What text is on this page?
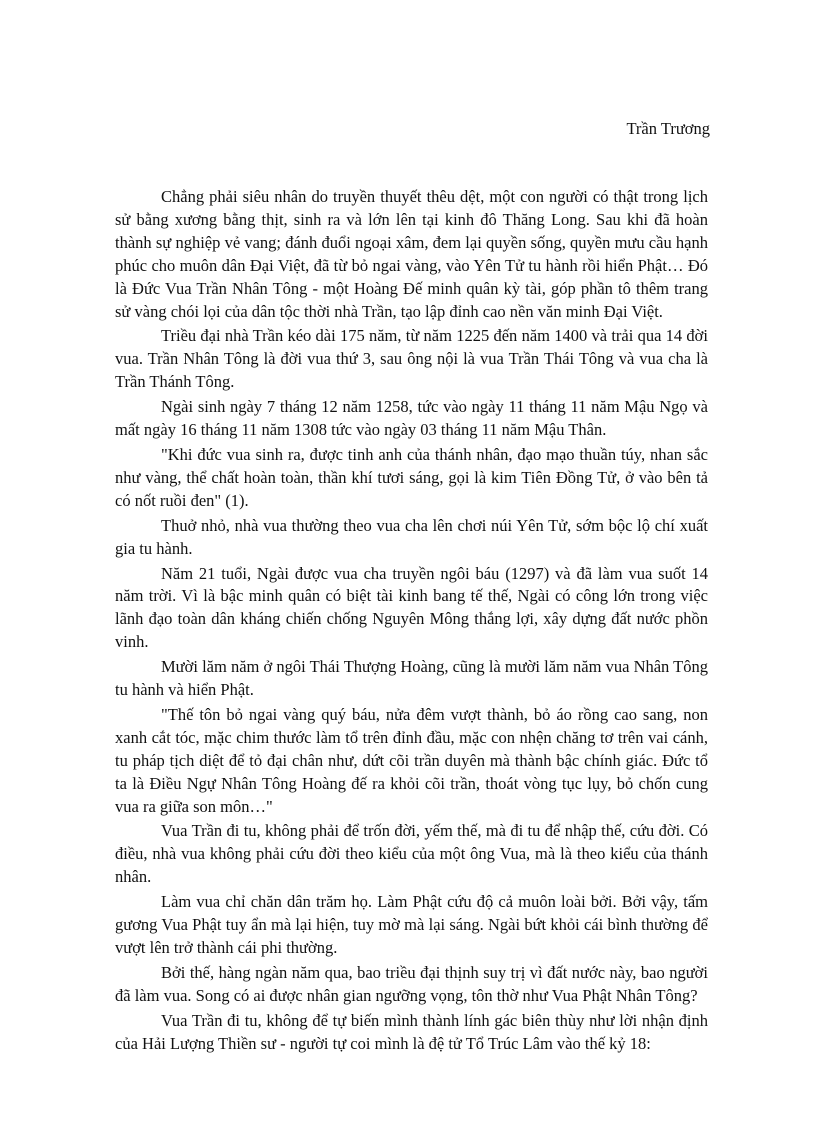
Trần Trương

Chẳng phải siêu nhân do truyền thuyết thêu dệt, một con người có thật trong lịch sử bằng xương bằng thịt, sinh ra và lớn lên tại kinh đô Thăng Long. Sau khi đã hoàn thành sự nghiệp vẻ vang; đánh đuổi ngoại xâm, đem lại quyền sống, quyền mưu cầu hạnh phúc cho muôn dân Đại Việt, đã từ bỏ ngai vàng, vào Yên Tử tu hành rồi hiển Phật… Đó là Đức Vua Trần Nhân Tông - một Hoàng Đế minh quân kỳ tài, góp phần tô thêm trang sử vàng chói lọi của dân tộc thời nhà Trần, tạo lập đỉnh cao nền văn minh Đại Việt.

Triều đại nhà Trần kéo dài 175 năm, từ năm 1225 đến năm 1400 và trải qua 14 đời vua. Trần Nhân Tông là đời vua thứ 3, sau ông nội là vua Trần Thái Tông và vua cha là Trần Thánh Tông.

Ngài sinh ngày 7 tháng 12 năm 1258, tức vào ngày 11 tháng 11 năm Mậu Ngọ và mất ngày 16 tháng 11 năm 1308 tức vào ngày 03 tháng 11 năm Mậu Thân.

"Khi đức vua sinh ra, được tinh anh của thánh nhân, đạo mạo thuần túy, nhan sắc như vàng, thể chất hoàn toàn, thần khí tươi sáng, gọi là kim Tiên Đồng Tử, ở vào bên tả có nốt ruồi đen" (1).

Thuở nhỏ, nhà vua thường theo vua cha lên chơi núi Yên Tử, sớm bộc lộ chí xuất gia tu hành.

Năm 21 tuổi, Ngài được vua cha truyền ngôi báu (1297) và đã làm vua suốt 14 năm trời. Vì là bậc minh quân có biệt tài kinh bang tế thế, Ngài có công lớn trong việc lãnh đạo toàn dân kháng chiến chống Nguyên Mông thắng lợi, xây dựng đất nước phồn vinh.

Mười lăm năm ở ngôi Thái Thượng Hoàng, cũng là mười lăm năm vua Nhân Tông tu hành và hiển Phật.

"Thế tôn bỏ ngai vàng quý báu, nửa đêm vượt thành, bỏ áo rồng cao sang, non xanh cắt tóc, mặc chim thước làm tổ trên đỉnh đầu, mặc con nhện chăng tơ trên vai cánh, tu pháp tịch diệt để tỏ đại chân như, dứt cõi trần duyên mà thành bậc chính giác. Đức tổ ta là Điều Ngự Nhân Tông Hoàng đế ra khỏi cõi trần, thoát vòng tục lụy, bỏ chốn cung vua ra giữa son môn…"

Vua Trần đi tu, không phải để trốn đời, yếm thế, mà đi tu để nhập thế, cứu đời. Có điều, nhà vua không phải cứu đời theo kiểu của một ông Vua, mà là theo kiểu của thánh nhân.

Làm vua chỉ chăn dân trăm họ. Làm Phật cứu độ cả muôn loài bởi. Bởi vậy, tấm gương Vua Phật tuy ẩn mà lại hiện, tuy mờ mà lại sáng. Ngài bứt khỏi cái bình thường để vượt lên trở thành cái phi thường.

Bởi thế, hàng ngàn năm qua, bao triều đại thịnh suy trị vì đất nước này, bao người đã làm vua. Song có ai được nhân gian ngưỡng vọng, tôn thờ như Vua Phật Nhân Tông?

Vua Trần đi tu, không để tự biến mình thành lính gác biên thùy như lời nhận định của Hải Lượng Thiền sư - người tự coi mình là đệ tử Tổ Trúc Lâm vào thế kỷ 18:
